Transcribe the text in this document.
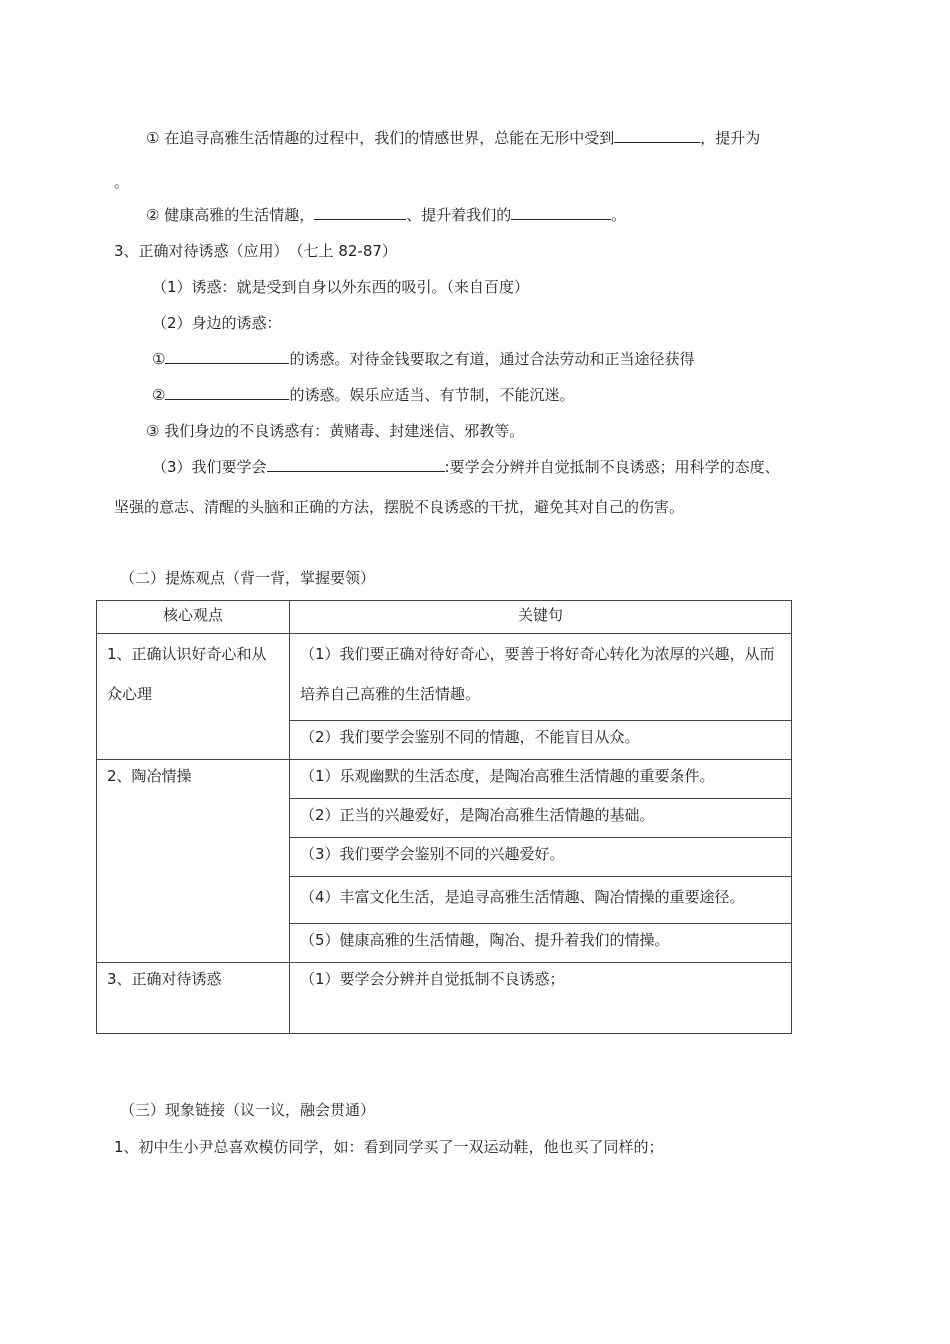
① 在追寻高雅生活情趣的过程中，我们的情感世界，总能在无形中受到	，提升为
。
② 健康高雅的生活情趣，	、提升着我们的	。
3、正确对待诱惑（应用）　（七上 82-87）
（1）诱惑：就是受到自身以外东西的吸引。（来自百度）
（2）身边的诱惑：
①	的诱惑。对待金钱要取之有道，通过合法劳动和正当途径获得
②	的诱惑。娱乐应适当、有节制，不能沉迷。
③ 我们身边的不良诱惑有：黄赌毒、封建迷信、邪教等。
（3）我们要学会	:要学会分辨并自觉抵制不良诱惑；用科学的态度、
坚强的意志、清醒的头脑和正确的方法，摆脱不良诱惑的干扰，避免其对自己的伤害。
（二）提炼观点（背一背，掌握要领）
核心观点	关键句
1、正确认识好奇心和从众心理	（1）我们要正确对待好奇心，要善于将好奇心转化为浓厚的兴趣，从而培养自己高雅的生活情趣。
	（2）我们要学会鉴别不同的情趣，不能盲目从众。
2、陶冶情操	（1）乐观幽默的生活态度，是陶冶高雅生活情趣的重要条件。
	（2）正当的兴趣爱好，是陶冶高雅生活情趣的基础。
	（3）我们要学会鉴别不同的兴趣爱好。
	（4）丰富文化生活，是追寻高雅生活情趣、陶冶情操的重要途径。
	（5）健康高雅的生活情趣，陶冶、提升着我们的情操。
3、正确对待诱惑	（1）要学会分辨并自觉抵制不良诱惑；
（三）现象链接（议一议，融会贯通）
1、初中生小尹总喜欢模仿同学，如：看到同学买了一双运动鞋，他也买了同样的；
